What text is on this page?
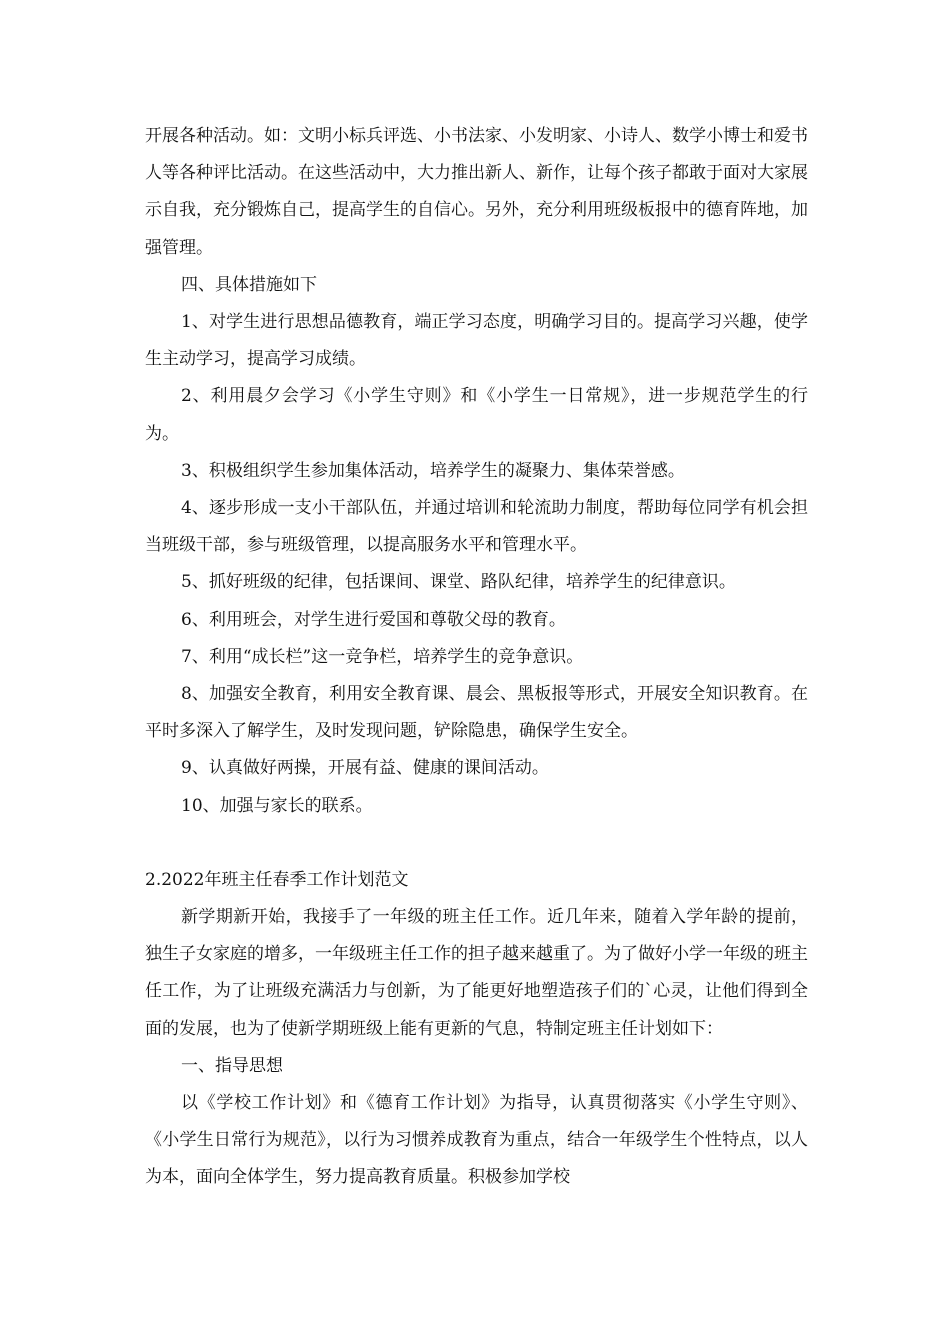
开展各种活动。如：文明小标兵评选、小书法家、小发明家、小诗人、数学小博士和爱书人等各种评比活动。在这些活动中，大力推出新人、新作，让每个孩子都敢于面对大家展示自我，充分锻炼自己，提高学生的自信心。另外，充分利用班级板报中的德育阵地，加强管理。

四、具体措施如下

1、对学生进行思想品德教育，端正学习态度，明确学习目的。提高学习兴趣，使学生主动学习，提高学习成绩。

2、利用晨夕会学习《小学生守则》和《小学生一日常规》，进一步规范学生的行为。

3、积极组织学生参加集体活动，培养学生的凝聚力、集体荣誉感。

4、逐步形成一支小干部队伍，并通过培训和轮流助力制度，帮助每位同学有机会担当班级干部，参与班级管理，以提高服务水平和管理水平。

5、抓好班级的纪律，包括课间、课堂、路队纪律，培养学生的纪律意识。

6、利用班会，对学生进行爱国和尊敬父母的教育。

7、利用“成长栏”这一竞争栏，培养学生的竞争意识。

8、加强安全教育，利用安全教育课、晨会、黑板报等形式，开展安全知识教育。在平时多深入了解学生，及时发现问题，铲除隐患，确保学生安全。

9、认真做好两操，开展有益、健康的课间活动。

10、加强与家长的联系。

2.2022年班主任春季工作计划范文

新学期新开始，我接手了一年级的班主任工作。近几年来，随着入学年龄的提前，独生子女家庭的增多，一年级班主任工作的担子越来越重了。为了做好小学一年级的班主任工作，为了让班级充满活力与创新，为了能更好地塑造孩子们的`心灵，让他们得到全面的发展，也为了使新学期班级上能有更新的气息，特制定班主任计划如下：

一、指导思想

以《学校工作计划》和《德育工作计划》为指导，认真贯彻落实《小学生守则》、《小学生日常行为规范》，以行为习惯养成教育为重点，结合一年级学生个性特点，以人为本，面向全体学生，努力提高教育质量。积极参加学校
